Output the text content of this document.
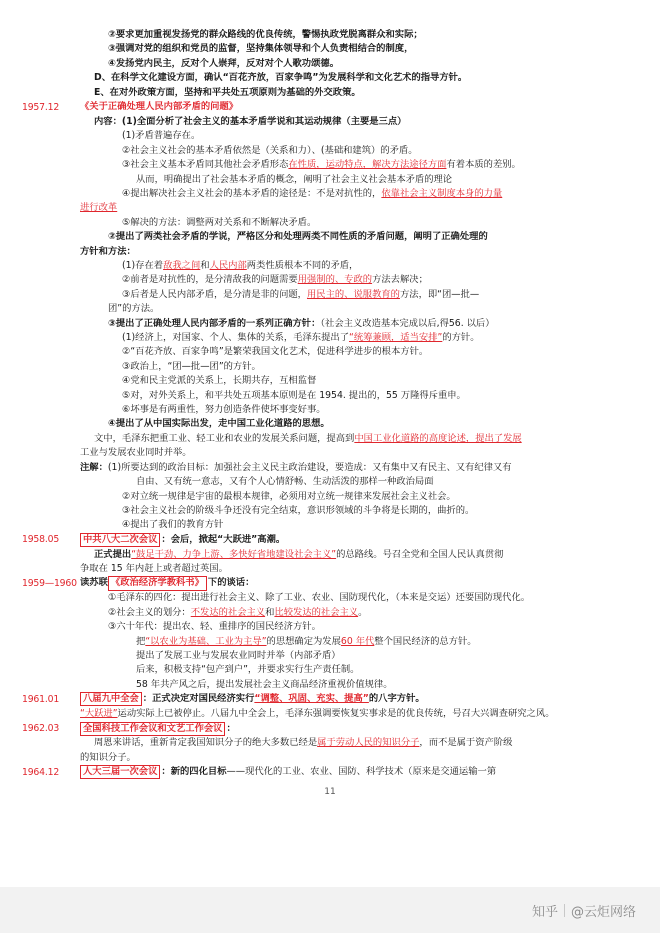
②要求更加重视发扬党的群众路线的优良传统，警惕执政党脱离群众和实际；
③强调对党的组织和党员的监督，坚持集体领导和个人负责相结合的制度，
④发扬党内民主，反对个人崇拜，反对对个人歌功颂德。
D、在科学文化建设方面，确认“百花齐放，百家争鸣”为发展科学和文化艺术的指导方针。
E、在对外政策方面，坚持和平共处五项原则为基础的外交政策。
1957.12	《关于正确处理人民内部矛盾的问题》
内容：(1)全面分析了社会主义的基本矛盾学说和其运动规律（主要是三点）
(1)矛盾普遍存在。
②社会主义社会的基本矛盾依然是（关系和力）、(基础和建筑）的矛盾。
③社会主义基本矛盾同其他社会矛盾形态在性质，运动特点，解决方法途径方面有着本质的差别。
从而，明确提出了社会基本矛盾的概念，阐明了社会主义社会基本矛盾的理论
④提出解决社会主义社会的基本矛盾的途径是：不是对抗性的，依靠社会主义制度本身的力量
进行改革
⑤解决的方法：调整两对关系和不断解决矛盾。
②提出了两类社会矛盾的学说，严格区分和处理两类不同性质的矛盾问题，阐明了正确处理的
方针和方法：
(1)存在着敌我之间和人民内部两类性质根本不同的矛盾，
②前者是对抗性的，是分清敌我的问题需要用强制的、专政的方法去解决；
③后者是人民内部矛盾，是分清是非的问题，用民主的、说服教育的方法，即“团—批—
团”的方法。
③提出了正确处理人民内部矛盾的一系列正确方针：（社会主义改造基本完成以后,得56. 以后）
(1)经济上，对国家、个人、集体的关系，毛泽东提出了“统筹兼顾，适当安排”的方针。
②“百花齐放、百家争鸣”是繁荣我国文化艺术，促进科学进步的根本方针。
③政治上，“团—批—团”的方针。
④党和民主党派的关系上，长期共存，互相监督
⑤对，对外关系上，和平共处五项基本原则是在 1954. 提出的，55 万隆得斥重申。
⑥坏事是有两重性，努力创造条件使坏事变好事。
④提出了从中国实际出发，走中国工业化道路的思想。
文中，毛泽东把重工业、轻工业和农业的发展关系问题，提高到中国工业化道路的高度论述，提出了发展
工业与发展农业同时并举。
注解：(1)所要达到的政治目标：加强社会主义民主政治建设，要造成：又有集中又有民主、又有纪律又有
自由、又有统一意志，又有个人心情舒畅、生动活泼的那样一种政治局面
②对立统一规律是宇宙的最根本规律，必须用对立统一规律来发展社会主义社会。
③社会主义社会的阶级斗争还没有完全结束，意识形领域的斗争将是长期的，曲折的。
④提出了我们的教育方针
1958.05	中共八大二次会议 ：会后，掀起“大跃进”高潮。
正式提出“鼓足干劲、力争上游、多快好省地建设社会主义”的总路线。号召全党和全国人民认真贯彻
争取在 15 年内赶上或者超过英国。
1959—1960 读苏联 《政治经济学教科书》 下的谈话：
①毛泽东的四化：提出进行社会主义、除了工业、农业、国防现代化，（本来是交运）还要国防现代化。
②社会主义的划分：不发达的社会主义和比较发达的社会主义。
③六十年代：提出农、轻、重排序的国民经济方针。
把“以农业为基础、工业为主导”的思想确定为发展60 年代整个国民经济的总方针。
提出了发展工业与发展农业同时并举（内部矛盾）
后来，积极支持“包产到户”，并要求实行生产责任制。
58 年共产风之后，提出发展社会主义商品经济重视价值规律。
1961.01	八届九中全会 ：正式决定对国民经济实行“调整、巩固、充实、提高”的八字方针。
“大跃进”运动实际上已被停止。八届九中全会上，毛泽东强调要恢复实事求是的优良传统，号召大兴调查研究之风。
1962.03	全国科技工作会议和文艺工作会议 ：
周恩来讲话，重新肯定我国知识分子的绝大多数已经是属于劳动人民的知识分子，而不是属于资产阶级
的知识分子。
1964.12	人大三届一次会议 ：新的四化目标——现代化的工业、农业、国防、科学技术（原来是交通运输一第
11
知乎 @云炬网络
